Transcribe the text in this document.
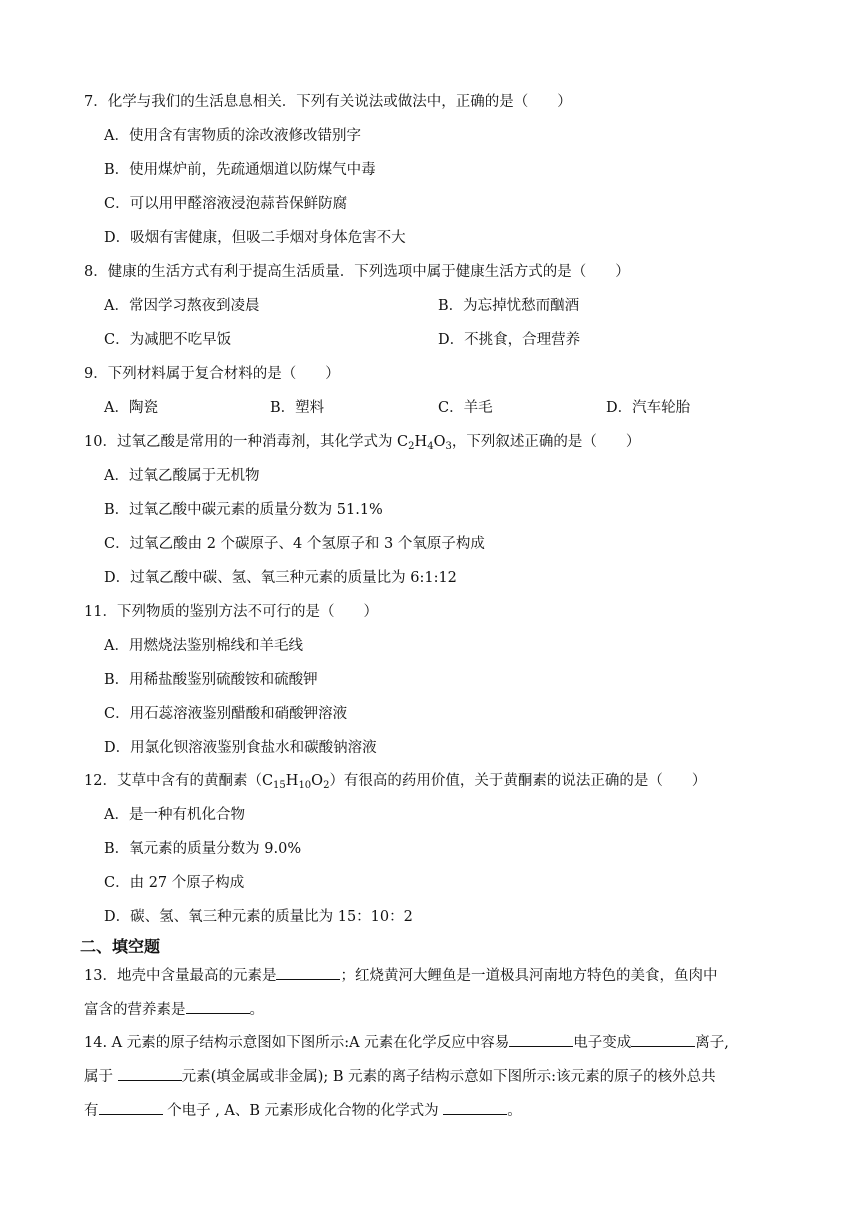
7．化学与我们的生活息息相关．下列有关说法或做法中，正确的是（　　）
A．使用含有害物质的涂改液修改错别字
B．使用煤炉前，先疏通烟道以防煤气中毒
C．可以用甲醛溶液浸泡蒜苔保鲜防腐
D．吸烟有害健康，但吸二手烟对身体危害不大
8．健康的生活方式有利于提高生活质量．下列选项中属于健康生活方式的是（　　）
A．常因学习熬夜到凌晨	B．为忘掉忧愁而酗酒
C．为减肥不吃早饭	D．不挑食，合理营养
9．下列材料属于复合材料的是（　　）
A．陶瓷	B．塑料	C．羊毛	D．汽车轮胎
10．过氧乙酸是常用的一种消毒剂，其化学式为 $C_2H_4O_3$，下列叙述正确的是（　　）
A．过氧乙酸属于无机物
B．过氧乙酸中碳元素的质量分数为 51.1%
C．过氧乙酸由 2 个碳原子、4 个氢原子和 3 个氧原子构成
D．过氧乙酸中碳、氢、氧三种元素的质量比为 6:1:12
11．下列物质的鉴别方法不可行的是（　　）
A．用燃烧法鉴别棉线和羊毛线
B．用稀盐酸鉴别硫酸铵和硫酸钾
C．用石蕊溶液鉴别醋酸和硝酸钾溶液
D．用氯化钡溶液鉴别食盐水和碳酸钠溶液
12．艾草中含有的黄酮素$(C_{15}H_{10}O_2)$有很高的药用价值，关于黄酮素的说法正确的是（　　）
A．是一种有机化合物
B．氧元素的质量分数为 9.0%
C．由 27 个原子构成
D．碳、氢、氧三种元素的质量比为 15：10：2
二、填空题
13．地壳中含量最高的元素是	；红烧黄河大鲤鱼是一道极具河南地方特色的美食，鱼肉中
富含的营养素是	。
14. A 元素的原子结构示意图如下图所示:A 元素在化学反应中容易	电子变成	离子,
属于	元素(填金属或非金属); B 元素的离子结构示意如下图所示:该元素的原子的核外总共
有	个电子 , A、B 元素形成化合物的化学式为	。
